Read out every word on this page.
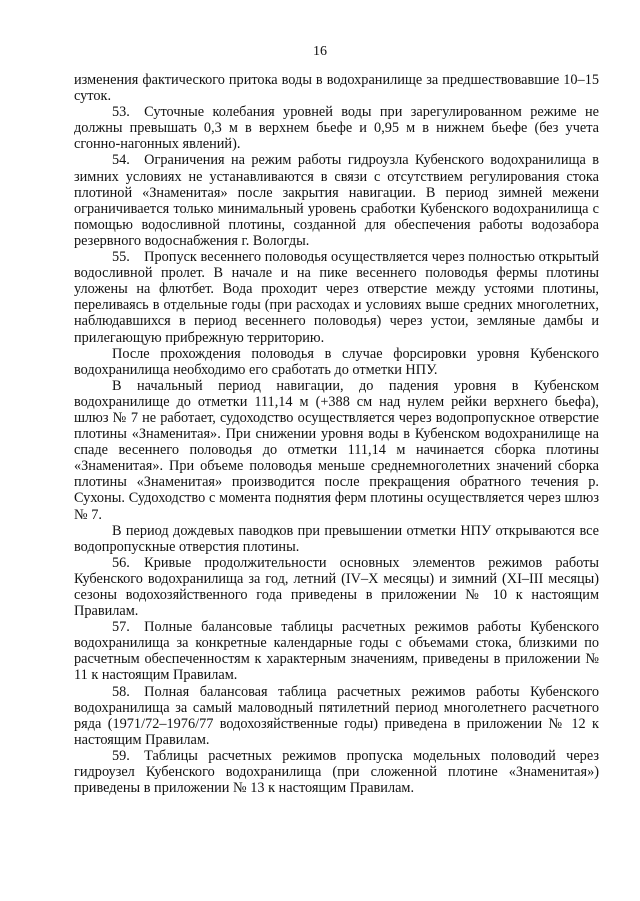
16

изменения фактического притока воды в водохранилище за предшествовавшие 10–15 суток.

53. Суточные колебания уровней воды при зарегулированном режиме не должны превышать 0,3 м в верхнем бьефе и 0,95 м в нижнем бьефе (без учета сгонно-нагонных явлений).

54. Ограничения на режим работы гидроузла Кубенского водохранилища в зимних условиях не устанавливаются в связи с отсутствием регулирования стока плотиной «Знаменитая» после закрытия навигации. В период зимней межени ограничивается только минимальный уровень сработки Кубенского водохранилища с помощью водосливной плотины, созданной для обеспечения работы водозабора резервного водоснабжения г. Вологды.

55. Пропуск весеннего половодья осуществляется через полностью открытый водосливной пролет. В начале и на пике весеннего половодья фермы плотины уложены на флютбет. Вода проходит через отверстие между устоями плотины, переливаясь в отдельные годы (при расходах и условиях выше средних многолетних, наблюдавшихся в период весеннего половодья) через устои, земляные дамбы и прилегающую прибрежную территорию.

После прохождения половодья в случае форсировки уровня Кубенского водохранилища необходимо его сработать до отметки НПУ.

В начальный период навигации, до падения уровня в Кубенском водохранилище до отметки 111,14 м (+388 см над нулем рейки верхнего бьефа), шлюз № 7 не работает, судоходство осуществляется через водопропускное отверстие плотины «Знаменитая». При снижении уровня воды в Кубенском водохранилище на спаде весеннего половодья до отметки 111,14 м начинается сборка плотины «Знаменитая». При объеме половодья меньше среднемноголетних значений сборка плотины «Знаменитая» производится после прекращения обратного течения р. Сухоны. Судоходство с момента поднятия ферм плотины осуществляется через шлюз № 7.

В период дождевых паводков при превышении отметки НПУ открываются все водопропускные отверстия плотины.

56. Кривые продолжительности основных элементов режимов работы Кубенского водохранилища за год, летний (IV–X месяцы) и зимний (XI–III месяцы) сезоны водохозяйственного года приведены в приложении № 10 к настоящим Правилам.

57. Полные балансовые таблицы расчетных режимов работы Кубенского водохранилища за конкретные календарные годы с объемами стока, близкими по расчетным обеспеченностям к характерным значениям, приведены в приложении № 11 к настоящим Правилам.

58. Полная балансовая таблица расчетных режимов работы Кубенского водохранилища за самый маловодный пятилетний период многолетнего расчетного ряда (1971/72–1976/77 водохозяйственные годы) приведена в приложении № 12 к настоящим Правилам.

59. Таблицы расчетных режимов пропуска модельных половодий через гидроузел Кубенского водохранилища (при сложенной плотине «Знаменитая») приведены в приложении № 13 к настоящим Правилам.
